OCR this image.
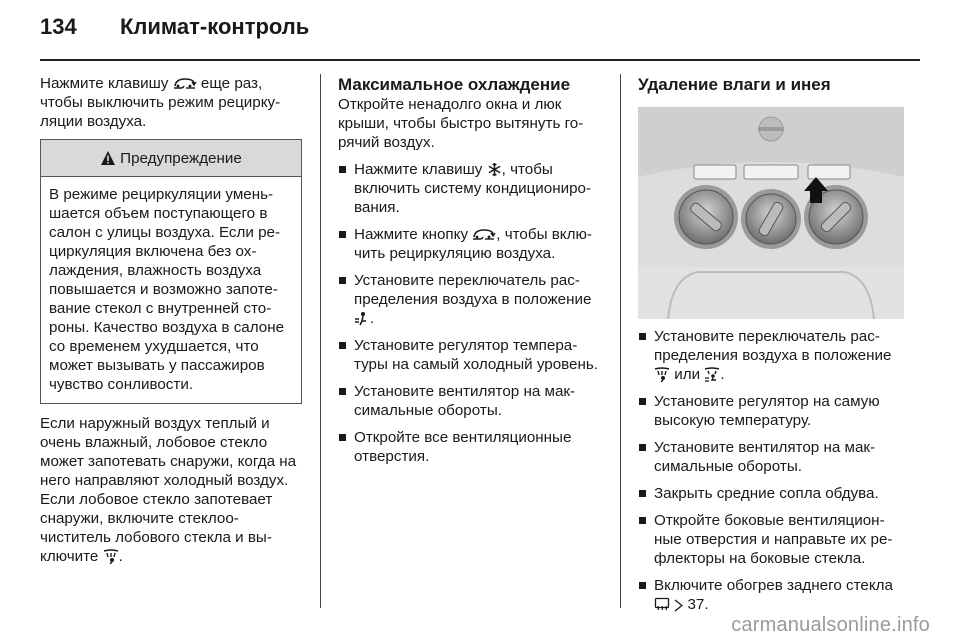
134 Климат-контроль

Нажмите клавишу еще раз, чтобы выключить режим рециркуляции воздуха.

Предупреждение
В режиме рециркуляции уменьшается объем поступающего в салон с улицы воздуха. Если рециркуляция включена без охлаждения, влажность воздуха повышается и возможно запотевание стекол с внутренней стороны. Качество воздуха в салоне со временем ухудшается, что может вызывать у пассажиров чувство сонливости.

Если наружный воздух теплый и очень влажный, лобовое стекло может запотевать снаружи, когда на него направляют холодный воздух. Если лобовое стекло запотевает снаружи, включите стеклоочиститель лобового стекла и выключите .

Максимальное охлаждение

Откройте ненадолго окна и люк крыши, чтобы быстро вытянуть горячий воздух.

Нажмите клавишу , чтобы включить систему кондиционирования.
Нажмите кнопку , чтобы включить рециркуляцию воздуха.
Установите переключатель распределения воздуха в положение .
Установите регулятор температуры на самый холодный уровень.
Установите вентилятор на максимальные обороты.
Откройте все вентиляционные отверстия.
Удаление влаги и инея
Установите переключатель распределения воздуха в положение  или .
Установите регулятор на самую высокую температуру.
Установите вентилятор на максимальные обороты.
Закрыть средние сопла обдува.
Откройте боковые вентиляционные отверстия и направьте их рефлекторы на боковые стекла.
Включите обогрев заднего стекла   37.
carmanualsonline.info
